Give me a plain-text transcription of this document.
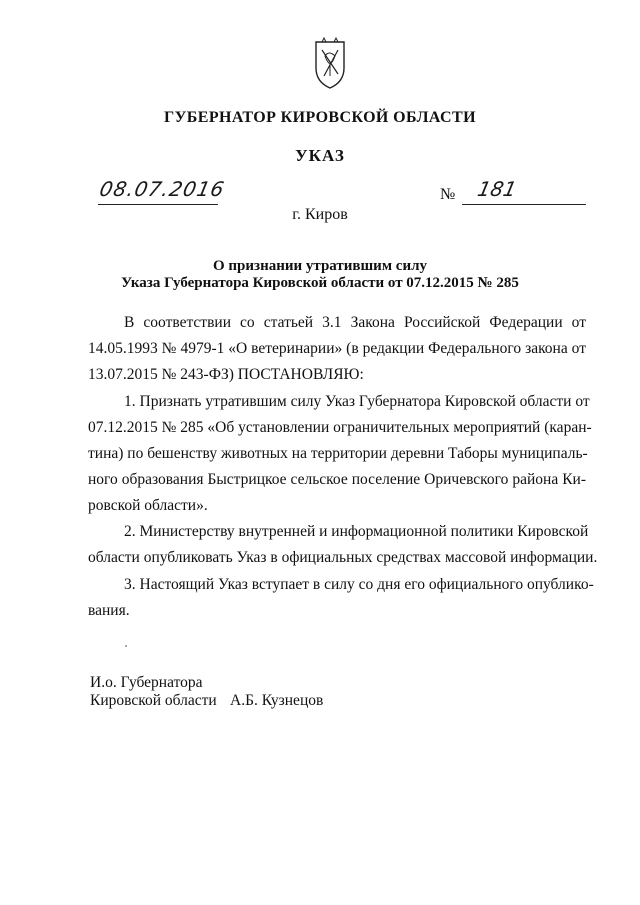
ГУБЕРНАТОР КИРОВСКОЙ ОБЛАСТИ
УКАЗ
08.07.2016	№ 181
г. Киров
О признании утратившим силу
Указа Губернатора Кировской области от 07.12.2015 № 285
В соответствии со статьей 3.1 Закона Российской Федерации от
14.05.1993 № 4979-1 «О ветеринарии» (в редакции Федерального закона от
13.07.2015 № 243-ФЗ) ПОСТАНОВЛЯЮ:
1. Признать утратившим силу Указ Губернатора Кировской области от
07.12.2015 № 285 «Об установлении ограничительных мероприятий (каран-
тина) по бешенству животных на территории деревни Таборы муниципаль-
ного образования Быстрицкое сельское поселение Оричевского района Ки-
ровской области».
2. Министерству внутренней и информационной политики Кировской
области опубликовать Указ в официальных средствах массовой информации.
3. Настоящий Указ вступает в силу со дня его официального опублико-
вания.
И.о. Губернатора
Кировской области А.Б. Кузнецов
